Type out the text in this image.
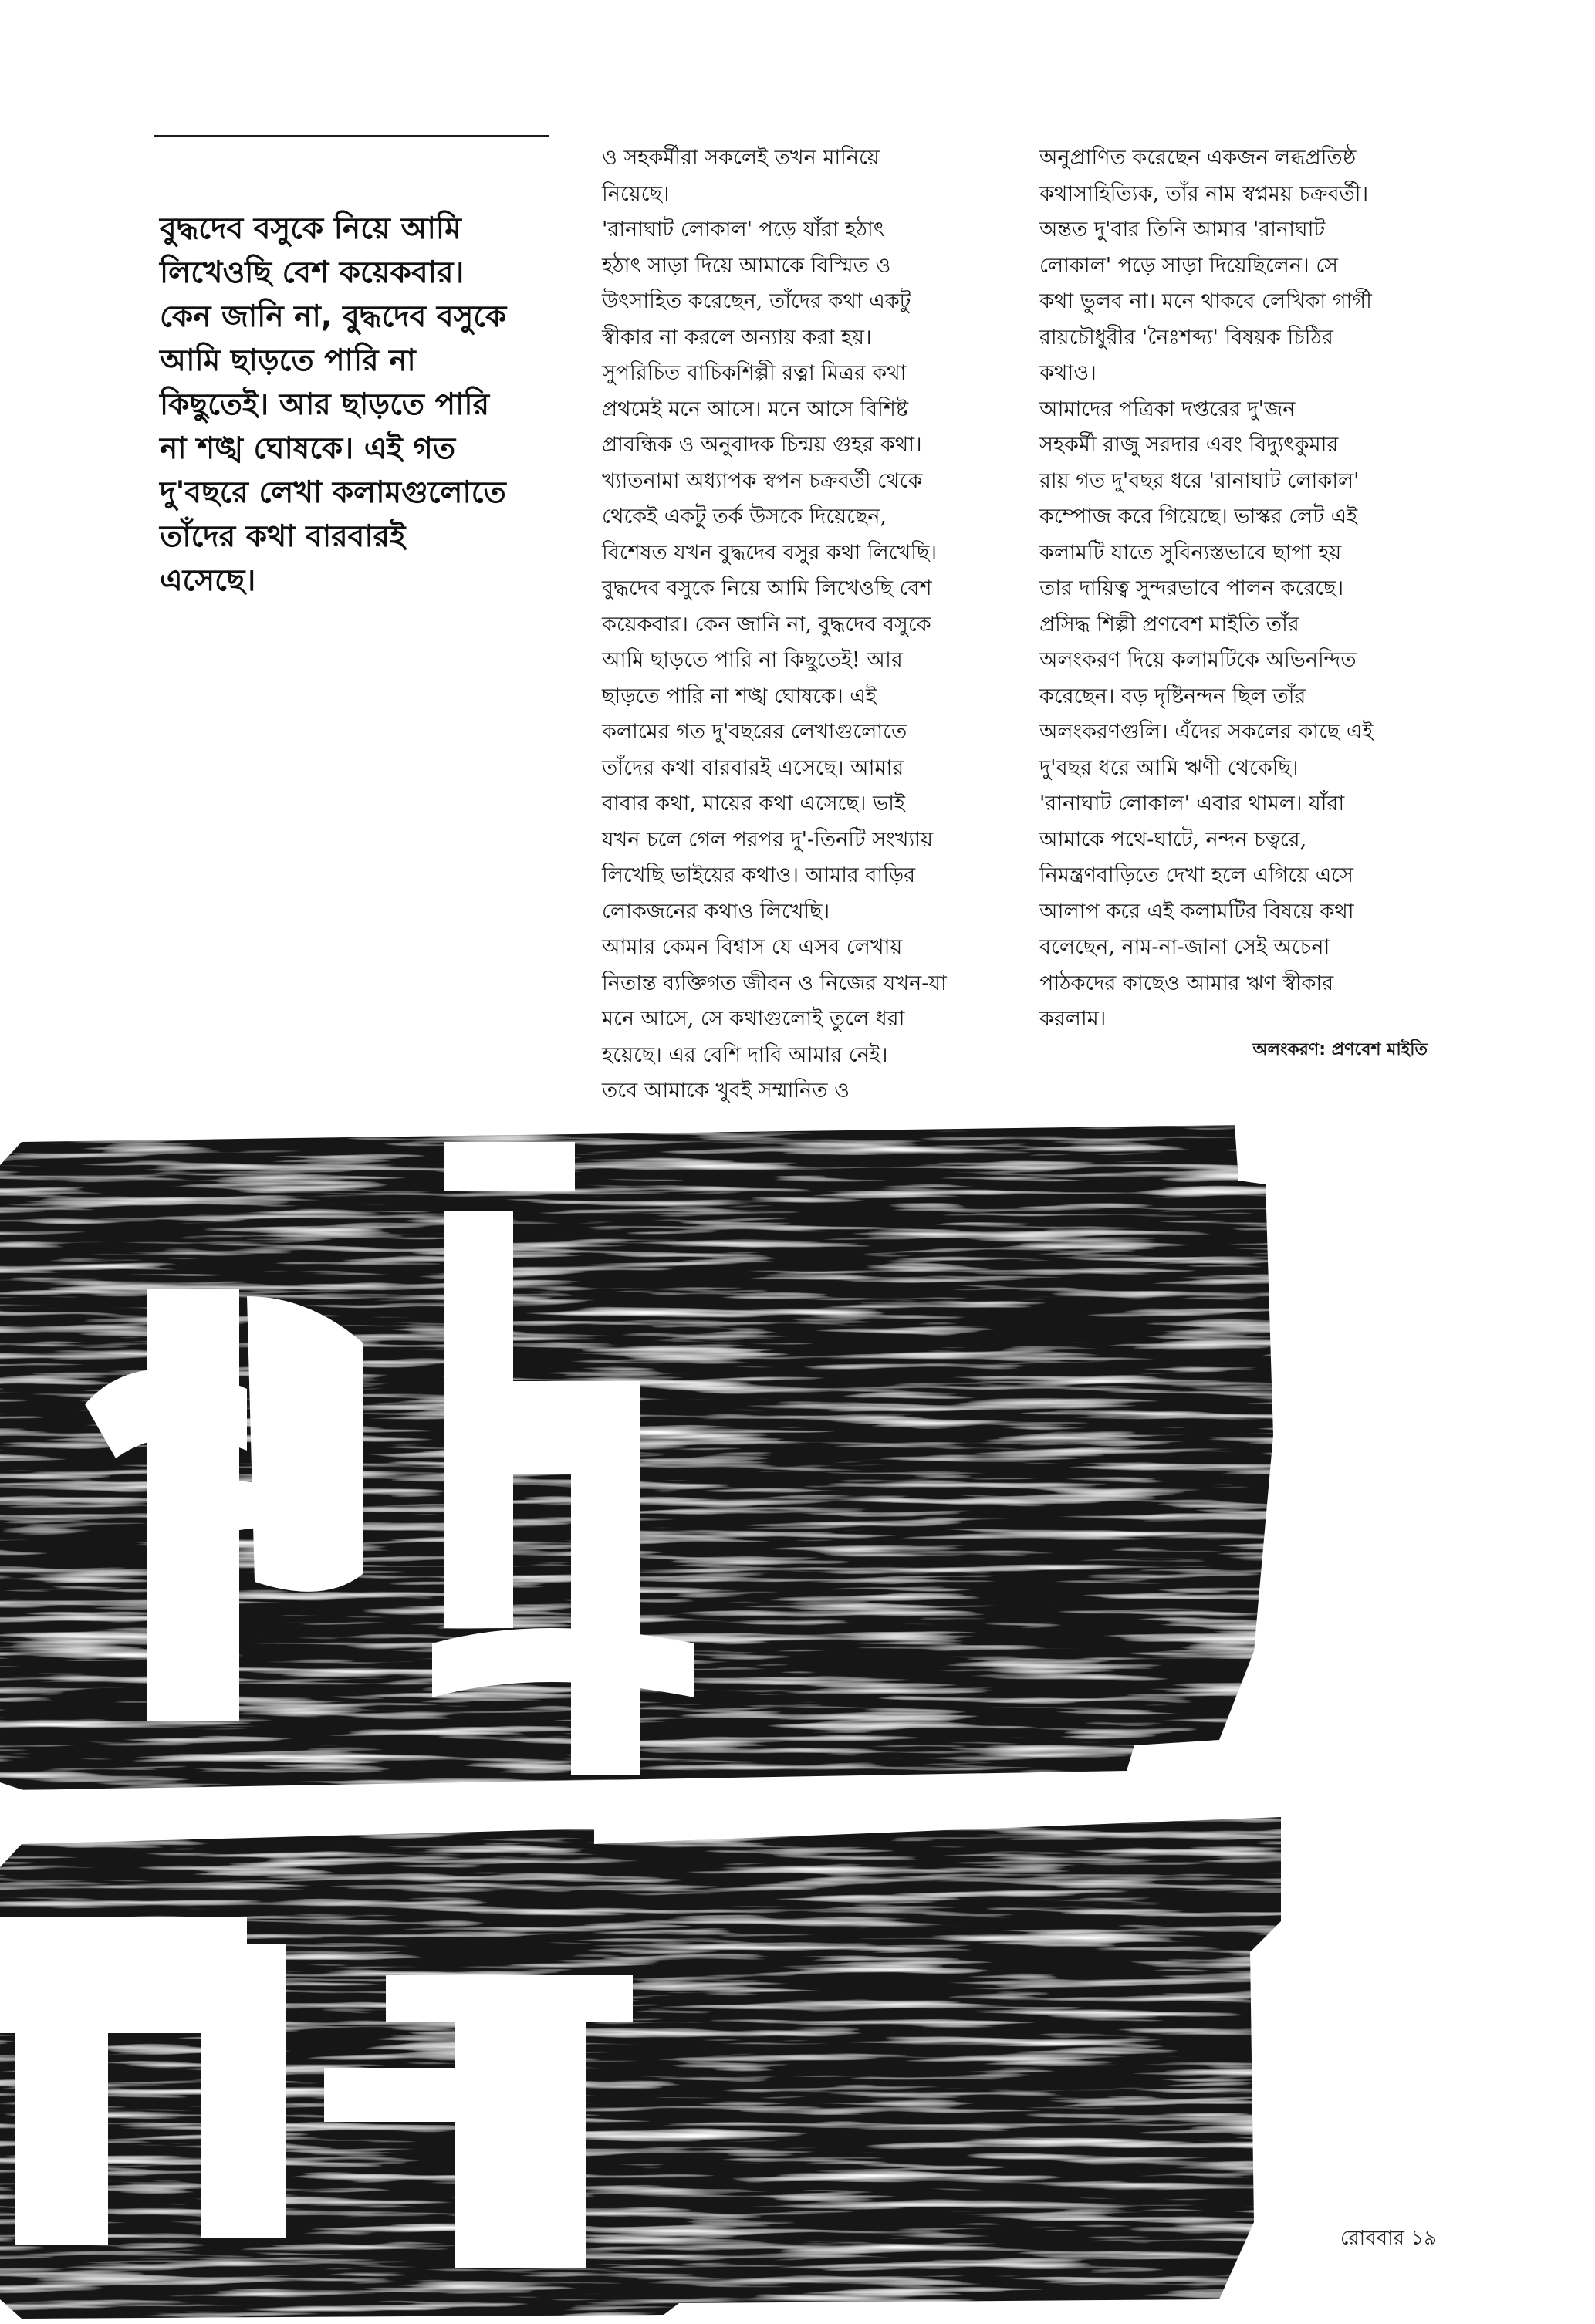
বুদ্ধদেব বসুকে নিয়ে আমি
লিখেওছি বেশ কয়েকবার।
কেন জানি না, বুদ্ধদেব বসুকে
আমি ছাড়তে পারি না
কিছুতেই। আর ছাড়তে পারি
না শঙ্খ ঘোষকে। এই গত
দু'বছরে লেখা কলামগুলোতে
তাঁদের কথা বারবারই
এসেছে।
ও সহকর্মীরা সকলেই তখন মানিয়ে
নিয়েছে।
'রানাঘাট লোকাল' পড়ে যাঁরা হঠাৎ
হঠাৎ সাড়া দিয়ে আমাকে বিস্মিত ও
উৎসাহিত করেছেন, তাঁদের কথা একটু
স্বীকার না করলে অন্যায় করা হয়।
সুপরিচিত বাচিকশিল্পী রত্না মিত্রর কথা
প্রথমেই মনে আসে। মনে আসে বিশিষ্ট
প্রাবন্ধিক ও অনুবাদক চিন্ময় গুহর কথা।
খ্যাতনামা অধ্যাপক স্বপন চক্রবর্তী থেকে
থেকেই একটু তর্ক উসকে দিয়েছেন,
বিশেষত যখন বুদ্ধদেব বসুর কথা লিখেছি।
বুদ্ধদেব বসুকে নিয়ে আমি লিখেওছি বেশ
কয়েকবার। কেন জানি না, বুদ্ধদেব বসুকে
আমি ছাড়তে পারি না কিছুতেই! আর
ছাড়তে পারি না শঙ্খ ঘোষকে। এই
কলামের গত দু'বছরের লেখাগুলোতে
তাঁদের কথা বারবারই এসেছে। আমার
বাবার কথা, মায়ের কথা এসেছে। ভাই
যখন চলে গেল পরপর দু'-তিনটি সংখ্যায়
লিখেছি ভাইয়ের কথাও। আমার বাড়ির
লোকজনের কথাও লিখেছি।
আমার কেমন বিশ্বাস যে এসব লেখায়
নিতান্ত ব্যক্তিগত জীবন ও নিজের যখন-যা
মনে আসে, সে কথাগুলোই তুলে ধরা
হয়েছে। এর বেশি দাবি আমার নেই।
তবে আমাকে খুবই সম্মানিত ও
অনুপ্রাণিত করেছেন একজন লব্ধপ্রতিষ্ঠ
কথাসাহিত্যিক, তাঁর নাম স্বপ্নময় চক্রবর্তী।
অন্তত দু'বার তিনি আমার 'রানাঘাট
লোকাল' পড়ে সাড়া দিয়েছিলেন। সে
কথা ভুলব না। মনে থাকবে লেখিকা গার্গী
রায়চৌধুরীর 'নৈঃশব্দ্য' বিষয়ক চিঠির
কথাও।
আমাদের পত্রিকা দপ্তরের দু'জন
সহকর্মী রাজু সরদার এবং বিদ্যুৎকুমার
রায় গত দু'বছর ধরে 'রানাঘাট লোকাল'
কম্পোজ করে গিয়েছে। ভাস্কর লেট এই
কলামটি যাতে সুবিন্যস্তভাবে ছাপা হয়
তার দায়িত্ব সুন্দরভাবে পালন করেছে।
প্রসিদ্ধ শিল্পী প্রণবেশ মাইতি তাঁর
অলংকরণ দিয়ে কলামটিকে অভিনন্দিত
করেছেন। বড় দৃষ্টিনন্দন ছিল তাঁর
অলংকরণগুলি। এঁদের সকলের কাছে এই
দু'বছর ধরে আমি ঋণী থেকেছি।
'রানাঘাট লোকাল' এবার থামল। যাঁরা
আমাকে পথে-ঘাটে, নন্দন চত্বরে,
নিমন্ত্রণবাড়িতে দেখা হলে এগিয়ে এসে
আলাপ করে এই কলামটির বিষয়ে কথা
বলেছেন, নাম-না-জানা সেই অচেনা
পাঠকদের কাছেও আমার ঋণ স্বীকার
করলাম।
অলংকরণ: প্রণবেশ মাইতি
রোববার ১৯
